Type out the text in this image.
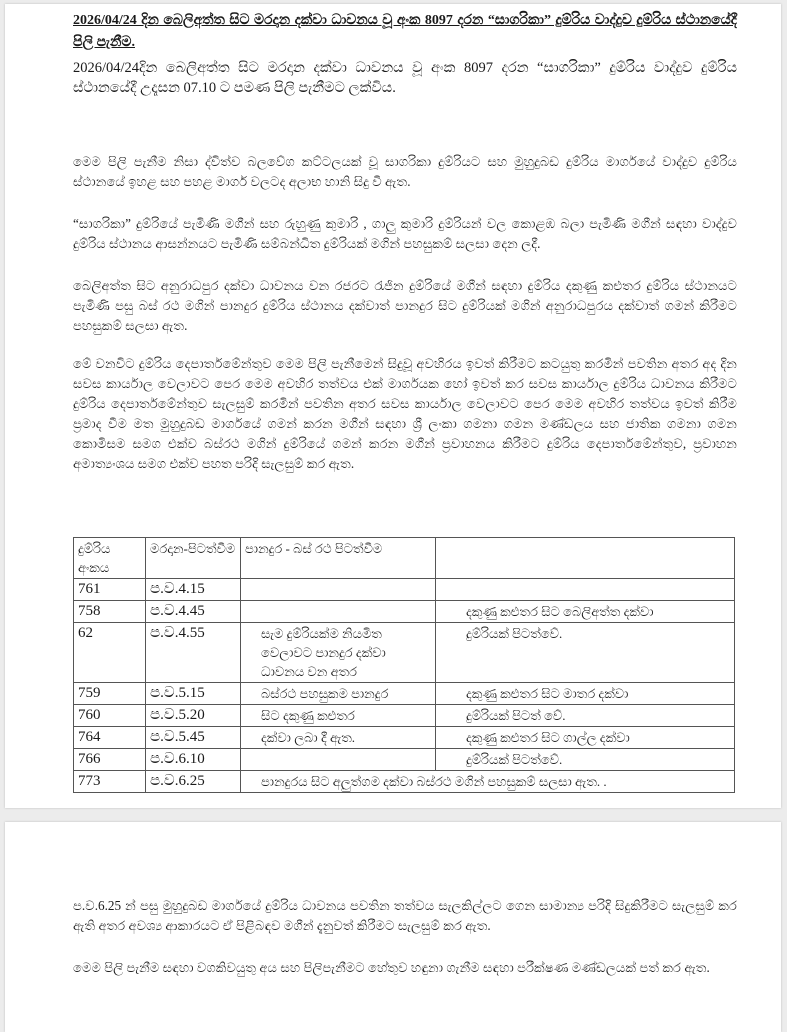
2026/04/24 දින බෙලිඅත්ත සිට මරදාන දක්වා ධාවනය වූ අංක 8097 දරන “සාගරිකා” දුම්රිය වාද්දුව දුම්රිය ස්ථානයේදී පිලි පැනීම.
2026/04/24දින බෙලිඅත්ත සිට මරදාන දක්වා ධාවනය වූ අංක 8097 දරන “සාගරිකා” දුම්රිය වාද්දුව දුම්රිය ස්ථානයේදී උදෑසන 07.10 ට පමණ පිලි පැනීමට ලක්විය.
මෙම පිලි පැනීම නිසා ද්විත්ව බලවේග කට්ටලයක් වූ සාගරිකා දුම්රියට සහ මුහුදුබඩ දුම්රිය මාර්ගයේ වාද්දුව දුම්රිය ස්ථානයේ ඉහළ සහ පහළ මාර්ග වලටද අලාභ හානි සිදු වී ඇත.
“සාගරිකා” දුම්රියේ පැමිණි මගීන් සහ රුහුණු කුමාරි , ගාලු කුමාරි දුම්රියන් වල කොළඹ බලා පැමිණි මගීන් සඳහා වාද්දුව දුම්රිය ස්ථානය ආසන්නයට පැමිණි සම්බන්ධිත දුම්රියක් මගින් පහසුකම් සලසා දෙන ලදී.
බෙලිඅත්ත සිට අනුරාධපුර දක්වා ධාවනය වන රජරට රැජින දුම්රියේ මගීන් සඳහා දුම්රිය දකුණු කළුතර දුම්රිය ස්ථානයට පැමිණි පසු බස් රථ මගින් පානදුර දුම්රිය ස්ථානය දක්වාත් පානදුර සිට දුම්රියක් මගින් අනුරාධපුරය දක්වාත් ගමන් කිරීමට පහසුකම් සලසා ඇත.
මේ වනවිට දුම්රිය දෙපාර්තමේන්තුව මෙම පිලි පැනීමෙන් සිදුවූ අවහිරය ඉවත් කිරීමට කටයුතු කරමින් පවතින අතර අද දින සවස කාර්යාල වෙලාවට පෙර මෙම අවහිර තත්වය එක් මාර්ගයක හෝ ඉවත් කර සවස කාර්යාල දුම්රිය ධාවනය කිරීමට දුම්රිය දෙපාර්තමේන්තුව සැලසුම් කරමින් පවතින අතර සවස කාර්යාල වෙලාවට පෙර මෙම අවහිර තත්වය ඉවත් කිරීම ප්‍රමාද වීම මත මුහුදුබඩ මාර්ගයේ ගමන් කරන මගීන් සඳහා ශ්‍රී ලංකා ගමනා ගමන මණ්ඩලය සහ ජාතික ගමනා ගමන කොමිසම සමග එක්ව බස්රථ මගින් දුම්රියේ ගමන් කරන මගීන් ප්‍රවාහනය කිරීමට දුම්රිය දෙපාර්තමේන්තුව, ප්‍රවාහන අමාත්‍යංශය සමග එක්ව පහත පරිදි සැලසුම් කර ඇත.
දුම්රිය අංකය	මරදාන-පිටත්වීම	පානදුර - බස් රථ පිටත්වීම	
761	ප.ව.4.15		
758	ප.ව.4.45		දකුණු කළුතර සිට බෙලිඅත්ත දක්වා
62	ප.ව.4.55	සැම දුම්රියක්ම නියමිත වෙලාවට පානදුර දක්වා ධාවනය වන අතර	දුම්රියක් පිටත්වේ.
759	ප.ව.5.15	බස්රථ පහසුකම පානදුර	දකුණු කළුතර සිට මාතර දක්වා
760	ප.ව.5.20	සිට දකුණු කළුතර	දුම්රියක් පිටත් වේ.
764	ප.ව.5.45	දක්වා ලබා දී ඇත.	දකුණු කළුතර සිට ගාල්ල දක්වා
766	ප.ව.6.10		දුම්රියක් පිටත්වේ.
773	ප.ව.6.25	පානදුරය සිට අලුත්ගම දක්වා බස්රථ මගින් පහසුකම් සලසා ඇත. .	
ප.ව.6.25 න් පසු මුහුදුබඩ මාර්ගයේ දුම්රිය ධාවනය පවතින තත්වය සැලකිල්ලට ගෙන සාමාන්‍ය පරිදි සිදුකිරීමට සැලසුම් කර ඇති අතර අවශ්‍ය ආකාරයට ඒ පිළිබඳව මගීන් දැනුවත් කිරීමට සැලසුම් කර ඇත.
මෙම පිලි පැනීම සඳහා වගකිවයුතු අය සහ පිලිපැනීමට හේතුව හඳුනා ගැනීම සඳහා පරීක්ෂණ මණ්ඩලයක් පත් කර ඇත.
